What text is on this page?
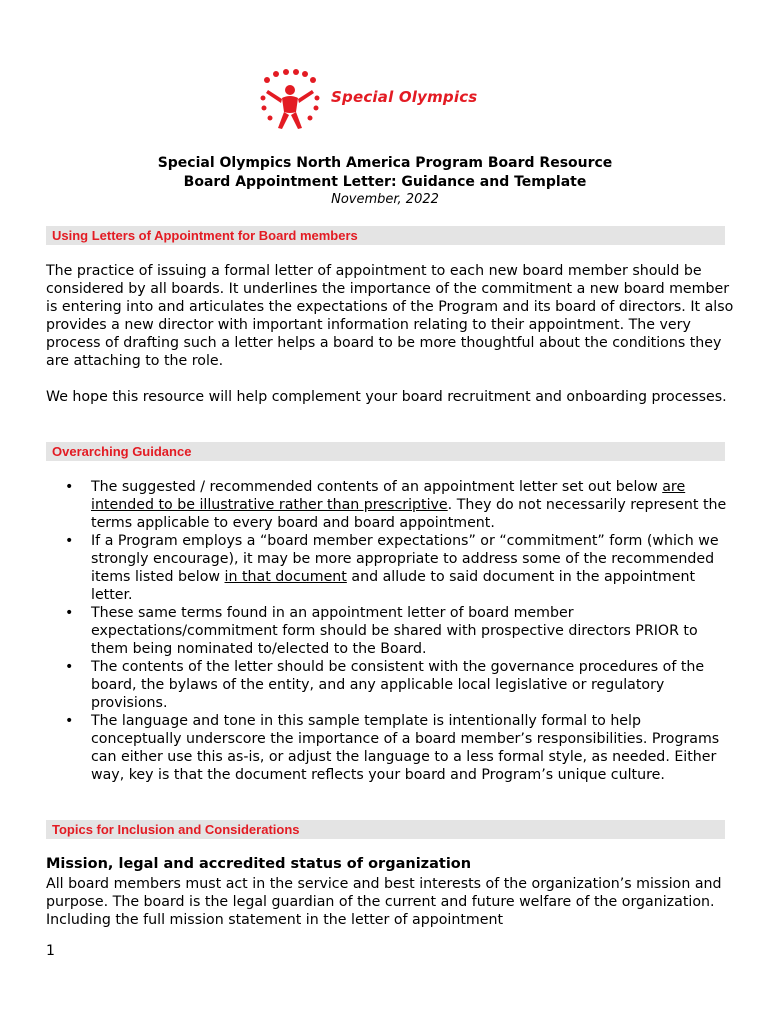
Special Olympics
Special Olympics North America Program Board Resource
Board Appointment Letter: Guidance and Template
November, 2022
Using Letters of Appointment for Board members
The practice of issuing a formal letter of appointment to each new board member should be considered by all boards. It underlines the importance of the commitment a new board member is entering into and articulates the expectations of the Program and its board of directors. It also provides a new director with important information relating to their appointment. The very process of drafting such a letter helps a board to be more thoughtful about the conditions they are attaching to the role.
We hope this resource will help complement your board recruitment and onboarding processes.
Overarching Guidance
• The suggested / recommended contents of an appointment letter set out below are intended to be illustrative rather than prescriptive. They do not necessarily represent the terms applicable to every board and board appointment.
• If a Program employs a “board member expectations” or “commitment” form (which we strongly encourage), it may be more appropriate to address some of the recommended items listed below in that document and allude to said document in the appointment letter.
• These same terms found in an appointment letter of board member expectations/commitment form should be shared with prospective directors PRIOR to them being nominated to/elected to the Board.
• The contents of the letter should be consistent with the governance procedures of the board, the bylaws of the entity, and any applicable local legislative or regulatory provisions.
• The language and tone in this sample template is intentionally formal to help conceptually underscore the importance of a board member’s responsibilities. Programs can either use this as-is, or adjust the language to a less formal style, as needed. Either way, key is that the document reflects your board and Program’s unique culture.
Topics for Inclusion and Considerations
Mission, legal and accredited status of organization
All board members must act in the service and best interests of the organization’s mission and purpose. The board is the legal guardian of the current and future welfare of the organization. Including the full mission statement in the letter of appointment
1
